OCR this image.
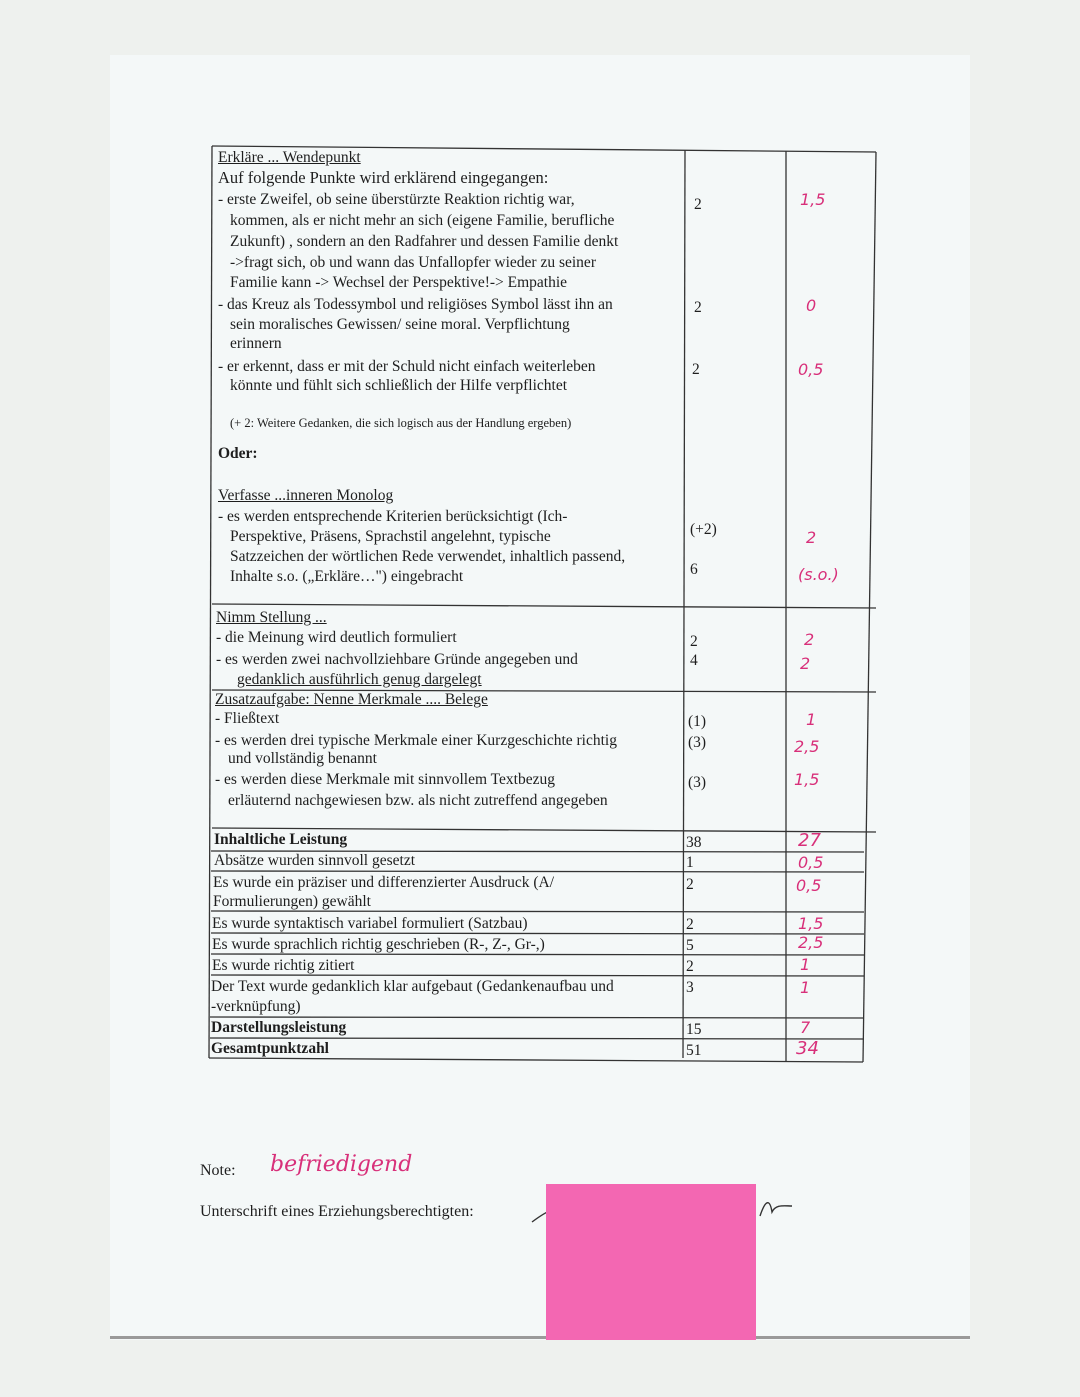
Erkläre ... Wendepunkt
Auf folgende Punkte wird erklärend eingegangen:
- erste Zweifel, ob seine überstürzte Reaktion richtig war,
kommen, als er nicht mehr an sich (eigene Familie, berufliche
Zukunft) , sondern an den Radfahrer und dessen Familie denkt
->fragt sich, ob und wann das Unfallopfer wieder zu seiner
Familie kann -> Wechsel der Perspektive!-> Empathie
- das Kreuz als Todessymbol und religiöses Symbol lässt ihn an
sein moralisches Gewissen/ seine moral. Verpflichtung
erinnern
- er erkennt, dass er mit der Schuld nicht einfach weiterleben
könnte und fühlt sich schließlich der Hilfe verpflichtet
(+ 2: Weitere Gedanken, die sich logisch aus der Handlung ergeben)
Oder:
2
2
2
1,5
0
0,5
Verfasse ...inneren Monolog
- es werden entsprechende Kriterien berücksichtigt (Ich-
Perspektive, Präsens, Sprachstil angelehnt, typische
Satzzeichen der wörtlichen Rede verwendet, inhaltlich passend,
Inhalte s.o. („Erkläre…") eingebracht
(+2)
6
2
(s.o.)
Nimm Stellung ...
- die Meinung wird deutlich formuliert
- es werden zwei nachvollziehbare Gründe angegeben und
gedanklich ausführlich genug dargelegt
2
4
2
2
Zusatzaufgabe: Nenne Merkmale .... Belege
- Fließtext
- es werden drei typische Merkmale einer Kurzgeschichte richtig
und vollständig benannt
- es werden diese Merkmale mit sinnvollem Textbezug
erläuternd nachgewiesen bzw. als nicht zutreffend angegeben
(1)
(3)
(3)
1
2,5
1,5
Inhaltliche Leistung
Absätze wurden sinnvoll gesetzt
Es wurde ein präziser und differenzierter Ausdruck (A/
Formulierungen) gewählt
Es wurde syntaktisch variabel formuliert (Satzbau)
Es wurde sprachlich richtig geschrieben (R-, Z-, Gr-,)
Es wurde richtig zitiert
Der Text wurde gedanklich klar aufgebaut (Gedankenaufbau und
-verknüpfung)
Darstellungsleistung
Gesamtpunktzahl
38
1
2
2
5
2
3
15
51
27
0,5
0,5
1,5
2,5
1
1
7
34
Note: befriedigend
Unterschrift eines Erziehungsberechtigten:
